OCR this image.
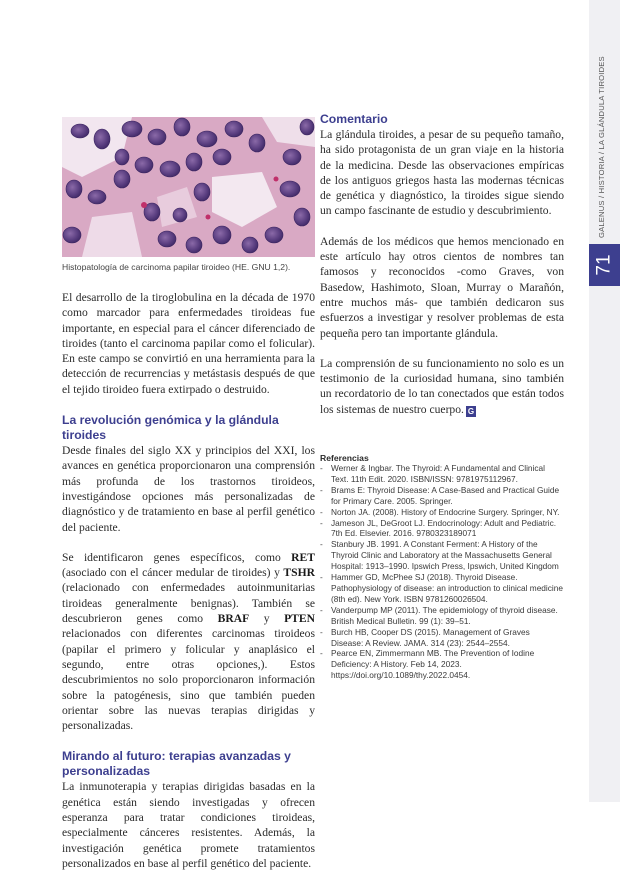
GALENUS / HISTORIA / LA GLÁNDULA TIROIDES
71
Histopatología de carcinoma papilar tiroideo (HE. GNU 1,2).

El desarrollo de la tiroglobulina en la década de 1970 como marcador para enfermedades tiroideas fue importante, en especial para el cáncer diferenciado de tiroides (tanto el carcinoma papilar como el folicular). En este campo se convirtió en una herramienta para la detección de recurrencias y metástasis después de que el tejido tiroideo fuera extirpado o destruido.

La revolución genómica y la glándula tiroides

Desde finales del siglo XX y principios del XXI, los avances en genética proporcionaron una comprensión más profunda de los trastornos tiroideos, investigándose opciones más personalizadas de diagnóstico y de tratamiento en base al perfil genético del paciente.

Se identificaron genes específicos, como RET (asociado con el cáncer medular de tiroides) y TSHR (relacionado con enfermedades autoinmunitarias tiroideas generalmente benignas). También se descubrieron genes como BRAF y PTEN relacionados con diferentes carcinomas tiroideos (papilar el primero y folicular y anaplásico el segundo, entre otras opciones,). Estos descubrimientos no solo proporcionaron información sobre la patogénesis, sino que también pueden orientar sobre las nuevas terapias dirigidas y personalizadas.

Mirando al futuro: terapias avanzadas y personalizadas

La inmunoterapia y terapias dirigidas basadas en la genética están siendo investigadas y ofrecen esperanza para tratar condiciones tiroideas, especialmente cánceres resistentes. Además, la investigación genética promete tratamientos personalizados en base al perfil genético del paciente.

Comentario

La glándula tiroides, a pesar de su pequeño tamaño, ha sido protagonista de un gran viaje en la historia de la medicina. Desde las observaciones empíricas de los antiguos griegos hasta las modernas técnicas de genética y diagnóstico, la tiroides sigue siendo un campo fascinante de estudio y descubrimiento.

Además de los médicos que hemos mencionado en este artículo hay otros cientos de nombres tan famosos y reconocidos -como Graves, von Basedow, Hashimoto, Sloan, Murray o Marañón, entre muchos más- que también dedicaron sus esfuerzos a investigar y resolver problemas de esta pequeña pero tan importante glándula.

La comprensión de su funcionamiento no solo es un testimonio de la curiosidad humana, sino también un recordatorio de lo tan conectados que están todos los sistemas de nuestro cuerpo. G

Referencias
- Werner & Ingbar. The Thyroid: A Fundamental and Clinical Text. 11th Edit. 2020. ISBN/ISSN: 9781975112967.
- Brams E: Thyroid Disease: A Case-Based and Practical Guide for Primary Care. 2005. Springer.
- Norton JA. (2008). History of Endocrine Surgery. Springer, NY.
- Jameson JL, DeGroot LJ. Endocrinology: Adult and Pediatric. 7th Ed. Elsevier. 2016. 9780323189071
- Stanbury JB. 1991. A Constant Ferment: A History of the Thyroid Clinic and Laboratory at the Massachusetts General Hospital: 1913–1990. Ipswich Press, Ipswich, United Kingdom
- Hammer GD, McPhee SJ (2018). Thyroid Disease. Pathophysiology of disease: an introduction to clinical medicine (8th ed). New York. ISBN 9781260026504.
- Vanderpump MP (2011). The epidemiology of thyroid disease. British Medical Bulletin. 99 (1): 39–51.
- Burch HB, Cooper DS (2015). Management of Graves Disease: A Review. JAMA. 314 (23): 2544–2554.
- Pearce EN, Zimmermann MB. The Prevention of Iodine Deficiency: A History. Feb 14, 2023. https://doi.org/10.1089/thy.2022.0454.
